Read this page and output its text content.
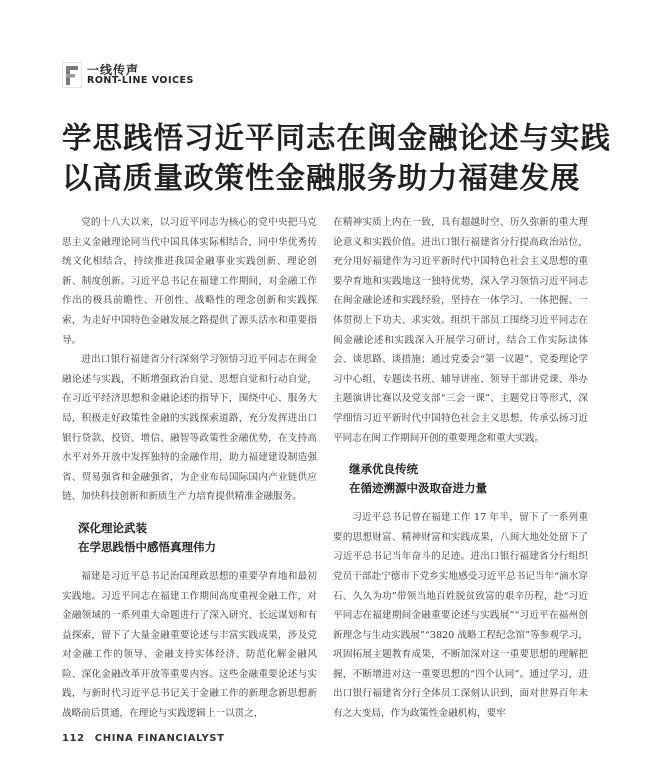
一线传声
RONT-LINE VOICES
学思践悟习近平同志在闽金融论述与实践
以高质量政策性金融服务助力福建发展

党的十八大以来，以习近平同志为核心的党中央把马克思主义金融理论同当代中国具体实际相结合，同中华优秀传统文化相结合，持续推进我国金融事业实践创新、理论创新、制度创新。习近平总书记在福建工作期间，对金融工作作出的极具前瞻性、开创性、战略性的理念创新和实践探索，为走好中国特色金融发展之路提供了源头活水和重要指导。

进出口银行福建省分行深刻学习领悟习近平同志在闽金融论述与实践，不断增强政治自觉、思想自觉和行动自觉，在习近平经济思想和金融论述的指导下，围绕中心、服务大局，积极走好政策性金融的实践探索道路，充分发挥进出口银行贷款、投资、增信、融智等政策性金融优势，在支持高水平对外开放中发挥独特的金融作用，助力福建建设制造强省、贸易强省和金融强省，为企业布局国际国内产业链供应链、加快科技创新和新质生产力培育提供精准金融服务。

深化理论武装
在学思践悟中感悟真理伟力

福建是习近平总书记治国理政思想的重要孕育地和最初实践地。习近平同志在福建工作期间高度重视金融工作，对金融领域的一系列重大命题进行了深入研究、长远谋划和有益探索，留下了大量金融重要论述与丰富实践成果，涉及党对金融工作的领导、金融支持实体经济、防范化解金融风险、深化金融改革开放等重要内容。这些金融重要论述与实践，与新时代习近平总书记关于金融工作的新理念新思想新战略前后贯通，在理论与实践逻辑上一以贯之，

在精神实质上内在一致，具有超越时空、历久弥新的重大理论意义和实践价值。进出口银行福建省分行提高政治站位，充分用好福建作为习近平新时代中国特色社会主义思想的重要孕育地和实践地这一独特优势，深入学习领悟习近平同志在闽金融论述和实践经验，坚持在一体学习、一体把握、一体贯彻上下功夫、求实效。组织干部员工围绕习近平同志在闽金融论述和实践深入开展学习研讨，结合工作实际读体会、谈思路、谈措施；通过党委会“第一议题”、党委理论学习中心组、专题读书班、辅导讲座、领导干部讲党课、举办主题演讲比赛以及党支部“三会一课”、主题党日等形式，深学细悟习近平新时代中国特色社会主义思想，传承弘扬习近平同志在闽工作期间开创的重要理念和重大实践。

继承优良传统
在循迹溯源中汲取奋进力量

习近平总书记曾在福建工作 17 年半，留下了一系列重要的思想财富、精神财富和实践成果，八闽大地处处留下了习近平总书记当年奋斗的足迹。进出口银行福建省分行组织党员干部赴宁德市下党乡实地感受习近平总书记当年“滴水穿石、久久为功”带领当地百姓脱贫致富的艰辛历程，赴“习近平同志在福建期间金融重要论述与实践展”“习近平在福州创新理念与生动实践展”“3820 战略工程纪念馆”等参观学习，巩固拓展主题教育成果，不断加深对这一重要思想的理解把握，不断增进对这一重要思想的“四个认同”。通过学习，进出口银行福建省分行全体员工深刻认识到，面对世界百年未有之大变局，作为政策性金融机构，要牢

112 CHINA FINANCIALYST
